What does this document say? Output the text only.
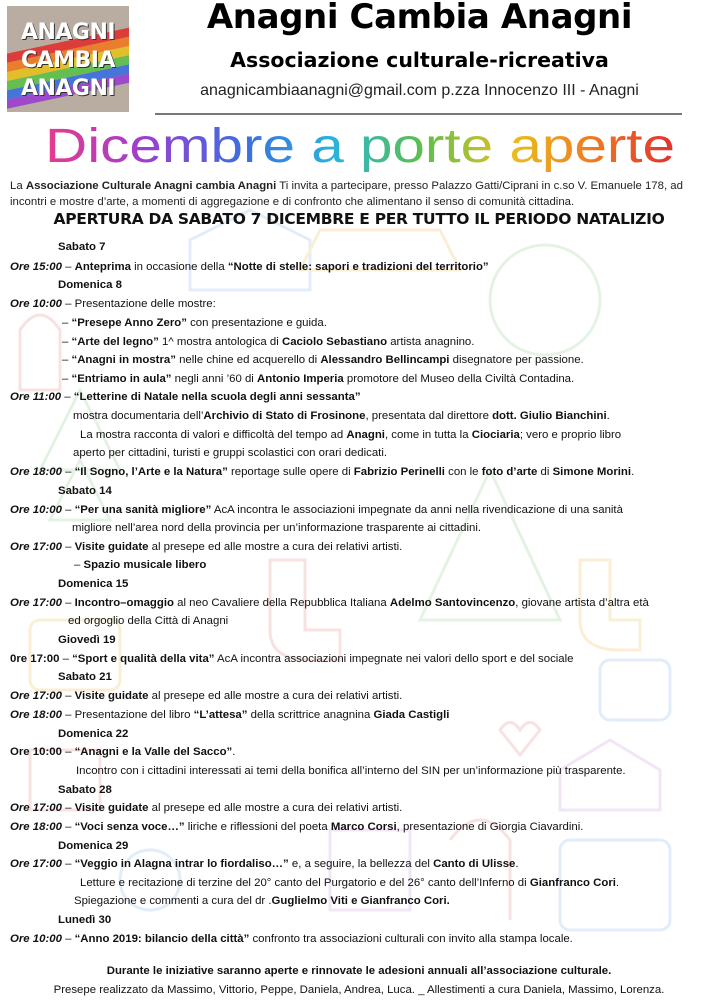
ANAGNI
CAMBIA
ANAGNI
Anagni Cambia Anagni
Associazione culturale-ricreativa
anagnicambiaanagni@gmail.com p.zza Innocenzo III - Anagni
Dicembre a porte aperte
La Associazione Culturale Anagni cambia Anagni Ti invita a partecipare, presso Palazzo Gatti/Ciprani in c.so V. Emanuele 178, ad incontri e mostre d’arte, a momenti di aggregazione e di confronto che alimentano il senso di comunità cittadina.
APERTURA DA SABATO 7 DICEMBRE E PER TUTTO IL PERIODO NATALIZIO
Sabato 7
Ore 15:00 – Anteprima in occasione della “Notte di stelle: sapori e tradizioni del territorio”
Domenica 8
Ore 10:00 – Presentazione delle mostre:
– “Presepe Anno Zero” con presentazione e guida.
– “Arte del legno” 1^ mostra antologica di Caciolo Sebastiano artista anagnino.
– “Anagni in mostra” nelle chine ed acquerello di Alessandro Bellincampi disegnatore per passione.
– “Entriamo in aula” negli anni ’60 di Antonio Imperia promotore del Museo della Civiltà Contadina.
Ore 11:00 – “Letterine di Natale nella scuola degli anni sessanta”
mostra documentaria dell’Archivio di Stato di Frosinone, presentata dal direttore dott. Giulio Bianchini.
La mostra racconta di valori e difficoltà del tempo ad Anagni, come in tutta la Ciociaria; vero e proprio libro
aperto per cittadini, turisti e gruppi scolastici con orari dedicati.
Ore 18:00 – “Il Sogno, l’Arte e la Natura” reportage sulle opere di Fabrizio Perinelli con le foto d’arte di Simone Morini.
Sabato 14
Ore 10:00 – “Per una sanità migliore” AcA incontra le associazioni impegnate da anni nella rivendicazione di una sanità
migliore nell’area nord della provincia per un’informazione trasparente ai cittadini.
Ore 17:00 – Visite guidate al presepe ed alle mostre a cura dei relativi artisti.
– Spazio musicale libero
Domenica 15
Ore 17:00 – Incontro–omaggio al neo Cavaliere della Repubblica Italiana Adelmo Santovincenzo, giovane artista d’altra età
ed orgoglio della Città di Anagni
Giovedì 19
0re 17:00 – “Sport e qualità della vita” AcA incontra associazioni impegnate nei valori dello sport e del sociale
Sabato 21
Ore 17:00 – Visite guidate al presepe ed alle mostre a cura dei relativi artisti.
Ore 18:00 – Presentazione del libro “L’attesa” della scrittrice anagnina Giada Castigli
Domenica 22
Ore 10:00 – “Anagni e la Valle del Sacco”.
Incontro con i cittadini interessati ai temi della bonifica all’interno del SIN per un’informazione più trasparente.
Sabato 28
Ore 17:00 – Visite guidate al presepe ed alle mostre a cura dei relativi artisti.
Ore 18:00 – “Voci senza voce…” liriche e riflessioni del poeta Marco Corsi, presentazione di Giorgia Ciavardini.
Domenica 29
Ore 17:00 – “Veggio in Alagna intrar lo fiordaliso…” e, a seguire, la bellezza del Canto di Ulisse.
Letture e recitazione di terzine del 20° canto del Purgatorio e del 26° canto dell’Inferno di Gianfranco Cori.
Spiegazione e commenti a cura del dr .Guglielmo Viti e Gianfranco Cori.
Lunedì 30
Ore 10:00 – “Anno 2019: bilancio della città” confronto tra associazioni culturali con invito alla stampa locale.
Durante le iniziative saranno aperte e rinnovate le adesioni annuali all’associazione culturale.
Presepe realizzato da Massimo, Vittorio, Peppe, Daniela, Andrea, Luca. _ Allestimenti a cura Daniela, Massimo, Lorenza.
